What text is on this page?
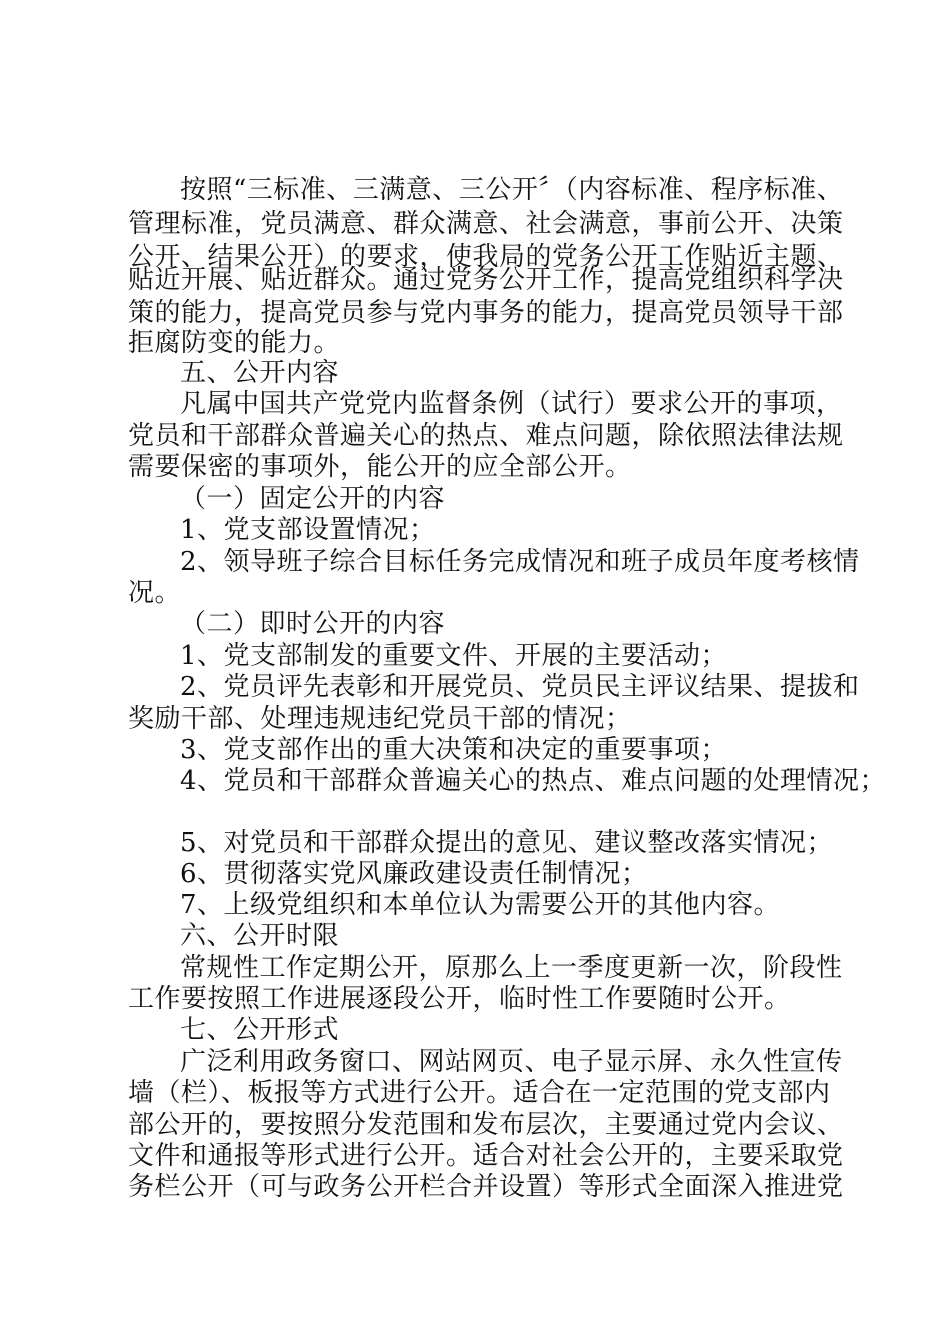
按照“三标准、三满意、三公开〞（内容标准、程序标准、
管理标准，党员满意、群众满意、社会满意，事前公开、决策
公开、结果公开）的要求，使我局的党务公开工作贴近主题、
贴近开展、贴近群众。通过党务公开工作，提高党组织科学决
策的能力，提高党员参与党内事务的能力，提高党员领导干部
拒腐防变的能力。
五、公开内容
凡属中国共产党党内监督条例（试行）要求公开的事项，
党员和干部群众普遍关心的热点、难点问题，除依照法律法规
需要保密的事项外，能公开的应全部公开。
（一）固定公开的内容
1、党支部设置情况；
2、领导班子综合目标任务完成情况和班子成员年度考核情
况。
（二）即时公开的内容
1、党支部制发的重要文件、开展的主要活动；
2、党员评先表彰和开展党员、党员民主评议结果、提拔和
奖励干部、处理违规违纪党员干部的情况；
3、党支部作出的重大决策和决定的重要事项；
4、党员和干部群众普遍关心的热点、难点问题的处理情况；
5、对党员和干部群众提出的意见、建议整改落实情况；
6、贯彻落实党风廉政建设责任制情况；
7、上级党组织和本单位认为需要公开的其他内容。
六、公开时限
常规性工作定期公开，原那么上一季度更新一次，阶段性
工作要按照工作进展逐段公开，临时性工作要随时公开。
七、公开形式
广泛利用政务窗口、网站网页、电子显示屏、永久性宣传
墙（栏）、板报等方式进行公开。适合在一定范围的党支部内
部公开的，要按照分发范围和发布层次，主要通过党内会议、
文件和通报等形式进行公开。适合对社会公开的，主要采取党
务栏公开（可与政务公开栏合并设置）等形式全面深入推进党
